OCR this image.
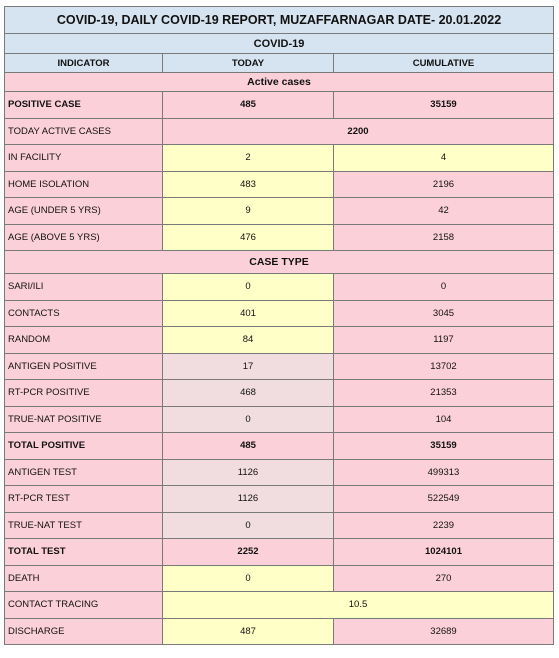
COVID-19, DAILY COVID-19 REPORT, MUZAFFARNAGAR DATE- 20.01.2022		
COVID-19		
INDICATOR	TODAY	CUMULATIVE
Active cases		
POSITIVE CASE	485	35159
TODAY ACTIVE CASES	2200	
IN FACILITY	2	4
HOME ISOLATION	483	2196
AGE (UNDER 5 YRS)	9	42
AGE (ABOVE 5 YRS)	476	2158
CASE TYPE		
SARI/ILI	0	0
CONTACTS	401	3045
RANDOM	84	1197
ANTIGEN POSITIVE	17	13702
RT-PCR POSITIVE	468	21353
TRUE-NAT POSITIVE	0	104
TOTAL POSITIVE	485	35159
ANTIGEN TEST	1126	499313
RT-PCR TEST	1126	522549
TRUE-NAT TEST	0	2239
TOTAL TEST	2252	1024101
DEATH	0	270
CONTACT TRACING	10.5	
DISCHARGE	487	32689
